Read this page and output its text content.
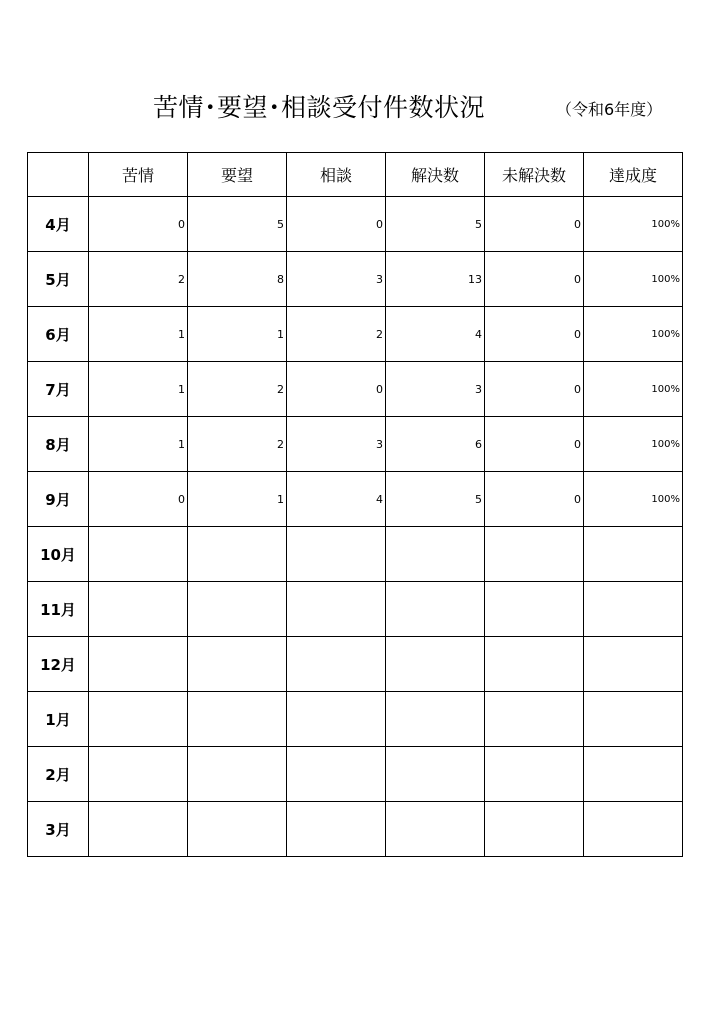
苦情･要望･相談受付件数状況	（令和6年度）
	苦情	要望	相談	解決数	未解決数	達成度
4月	0	5	0	5	0	100%
5月	2	8	3	13	0	100%
6月	1	1	2	4	0	100%
7月	1	2	0	3	0	100%
8月	1	2	3	6	0	100%
9月	0	1	4	5	0	100%
10月						
11月						
12月						
1月						
2月						
3月						
